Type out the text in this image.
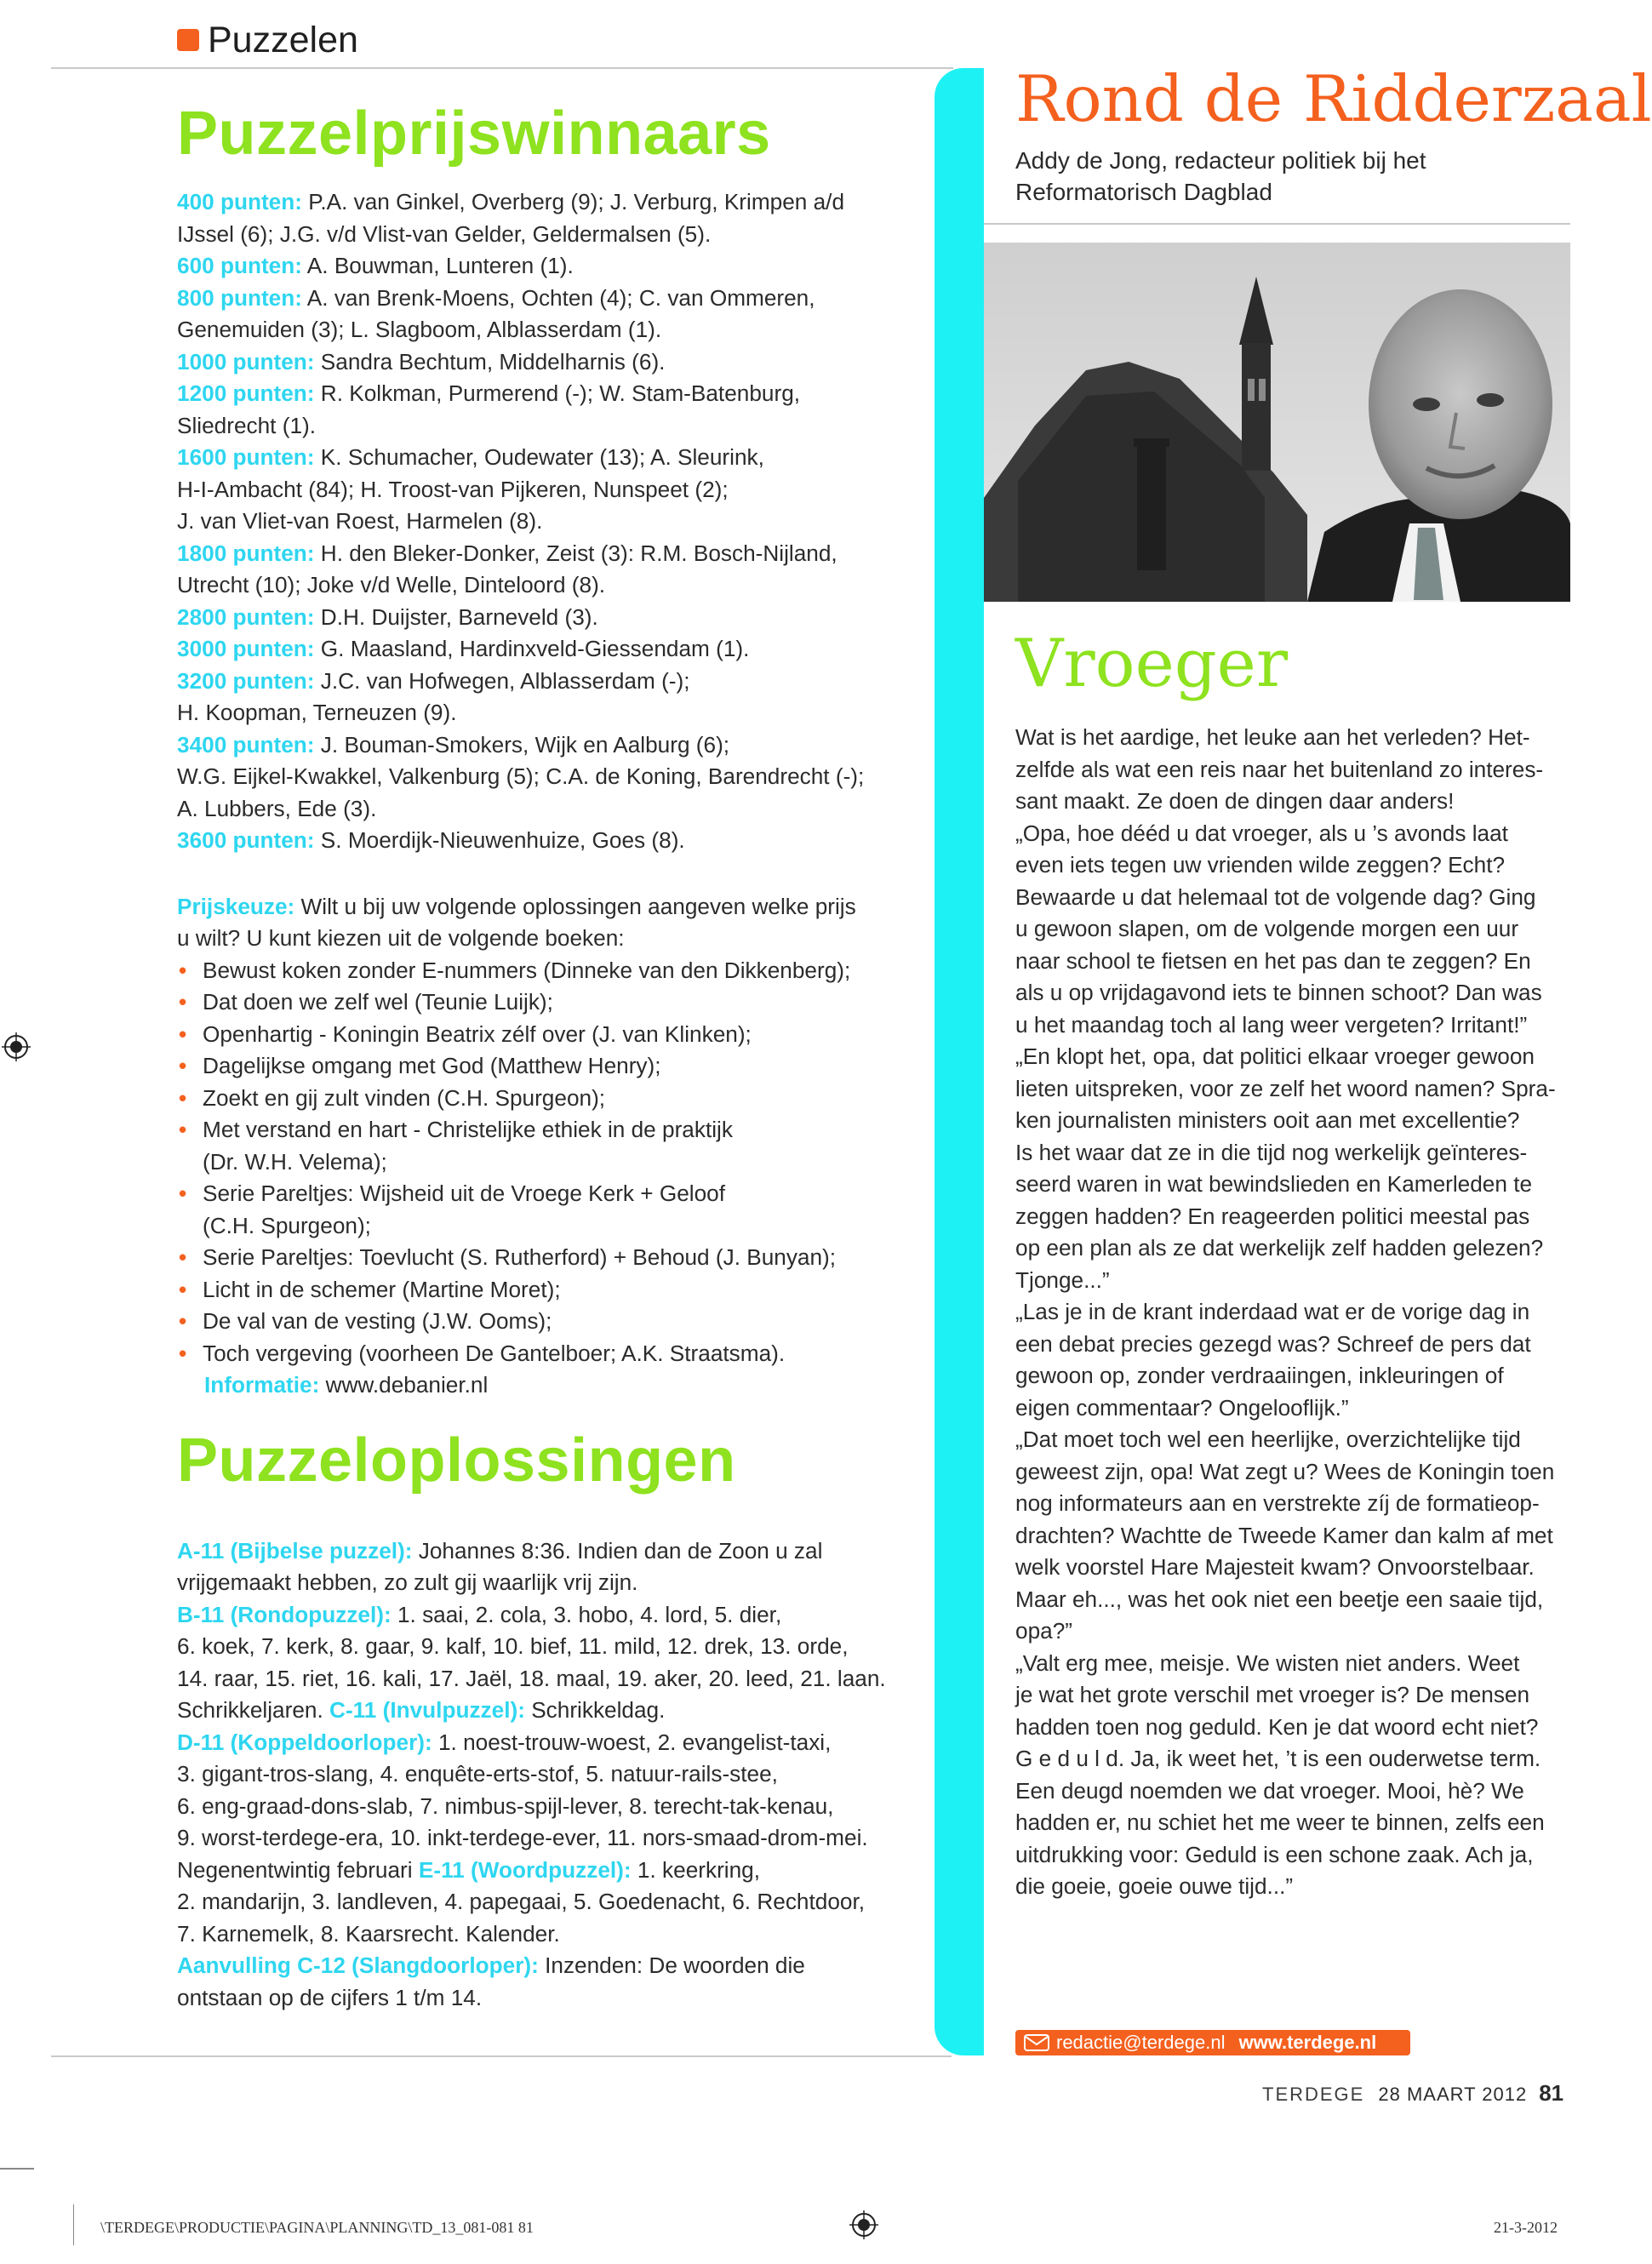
Puzzelen
Puzzelprijswinnaars

400 punten: P.A. van Ginkel, Overberg (9); J. Verburg, Krimpen a/d

IJssel (6); J.G. v/d Vlist-van Gelder, Geldermalsen (5).

600 punten: A. Bouwman, Lunteren (1).

800 punten: A. van Brenk-Moens, Ochten (4); C. van Ommeren,

Genemuiden (3); L. Slagboom, Alblasserdam (1).

1000 punten: Sandra Bechtum, Middelharnis (6).

1200 punten: R. Kolkman, Purmerend (-); W. Stam-Batenburg,

Sliedrecht (1).

1600 punten: K. Schumacher, Oudewater (13); A. Sleurink,

H-I-Ambacht (84); H. Troost-van Pijkeren, Nunspeet (2);

J. van Vliet-van Roest, Harmelen (8).

1800 punten: H. den Bleker-Donker, Zeist (3): R.M. Bosch-Nijland,

Utrecht (10); Joke v/d Welle, Dinteloord (8).

2800 punten: D.H. Duijster, Barneveld (3).

3000 punten: G. Maasland, Hardinxveld-Giessendam (1).

3200 punten: J.C. van Hofwegen, Alblasserdam (-);

H. Koopman, Terneuzen (9).

3400 punten: J. Bouman-Smokers, Wijk en Aalburg (6);

W.G. Eijkel-Kwakkel, Valkenburg (5); C.A. de Koning, Barendrecht (-);

A. Lubbers, Ede (3).

3600 punten: S. Moerdijk-Nieuwenhuize, Goes (8).

Prijskeuze: Wilt u bij uw volgende oplossingen aangeven welke prijs

u wilt? U kunt kiezen uit de volgende boeken:

• Bewust koken zonder E-nummers (Dinneke van den Dikkenberg);
• Dat doen we zelf wel (Teunie Luijk);
• Openhartig - Koningin Beatrix zélf over (J. van Klinken);
• Dagelijkse omgang met God (Matthew Henry);
• Zoekt en gij zult vinden (C.H. Spurgeon);
• Met verstand en hart - Christelijke ethiek in de praktijk
(Dr. W.H. Velema);
• Serie Pareltjes: Wijsheid uit de Vroege Kerk + Geloof
(C.H. Spurgeon);
• Serie Pareltjes: Toevlucht (S. Rutherford) + Behoud (J. Bunyan);
• Licht in de schemer (Martine Moret);
• De val van de vesting (J.W. Ooms);
• Toch vergeving (voorheen De Gantelboer; A.K. Straatsma).
Informatie: www.debanier.nl
Puzzeloplossingen

A-11 (Bijbelse puzzel): Johannes 8:36. Indien dan de Zoon u zal

vrijgemaakt hebben, zo zult gij waarlijk vrij zijn.

B-11 (Rondopuzzel): 1. saai, 2. cola, 3. hobo, 4. lord, 5. dier,

6. koek, 7. kerk, 8. gaar, 9. kalf, 10. bief, 11. mild, 12. drek, 13. orde,

14. raar, 15. riet, 16. kali, 17. Jaël, 18. maal, 19. aker, 20. leed, 21. laan.

Schrikkeljaren. C-11 (Invulpuzzel): Schrikkeldag.

D-11 (Koppeldoorloper): 1. noest-trouw-woest, 2. evangelist-taxi,

3. gigant-tros-slang, 4. enquête-erts-stof, 5. natuur-rails-stee,

6. eng-graad-dons-slab, 7. nimbus-spijl-lever, 8. terecht-tak-kenau,

9. worst-terdege-era, 10. inkt-terdege-ever, 11. nors-smaad-drom-mei.

Negenentwintig februari E-11 (Woordpuzzel): 1. keerkring,

2. mandarijn, 3. landleven, 4. papegaai, 5. Goedenacht, 6. Rechtdoor,

7. Karnemelk, 8. Kaarsrecht. Kalender.

Aanvulling C-12 (Slangdoorloper): Inzenden: De woorden die

ontstaan op de cijfers 1 t/m 14.

Rond de Ridderzaal
Addy de Jong, redacteur politiek bij het
Reformatorisch Dagblad
Vroeger

Wat is het aardige, het leuke aan het verleden? Het-

zelfde als wat een reis naar het buitenland zo interes-

sant maakt. Ze doen de dingen daar anders!

„Opa, hoe dééd u dat vroeger, als u ’s avonds laat

even iets tegen uw vrienden wilde zeggen? Echt?

Bewaarde u dat helemaal tot de volgende dag? Ging

u gewoon slapen, om de volgende morgen een uur

naar school te fietsen en het pas dan te zeggen? En

als u op vrijdagavond iets te binnen schoot? Dan was

u het maandag toch al lang weer vergeten? Irritant!”

„En klopt het, opa, dat politici elkaar vroeger gewoon

lieten uitspreken, voor ze zelf het woord namen? Spra-

ken journalisten ministers ooit aan met excellentie?

Is het waar dat ze in die tijd nog werkelijk geïnteres-

seerd waren in wat bewindslieden en Kamerleden te

zeggen hadden? En reageerden politici meestal pas

op een plan als ze dat werkelijk zelf hadden gelezen?

Tjonge...”

„Las je in de krant inderdaad wat er de vorige dag in

een debat precies gezegd was? Schreef de pers dat

gewoon op, zonder verdraaiingen, inkleuringen of

eigen commentaar? Ongelooflijk.”

„Dat moet toch wel een heerlijke, overzichtelijke tijd

geweest zijn, opa! Wat zegt u? Wees de Koningin toen

nog informateurs aan en verstrekte zíj de formatieop-

drachten? Wachtte de Tweede Kamer dan kalm af met

welk voorstel Hare Majesteit kwam? Onvoorstelbaar.

Maar eh..., was het ook niet een beetje een saaie tijd,

opa?”

„Valt erg mee, meisje. We wisten niet anders. Weet

je wat het grote verschil met vroeger is? De mensen

hadden toen nog geduld. Ken je dat woord echt niet?

G e d u l d. Ja, ik weet het, ’t is een ouderwetse term.

Een deugd noemden we dat vroeger. Mooi, hè? We

hadden er, nu schiet het me weer te binnen, zelfs een

uitdrukking voor: Geduld is een schone zaak. Ach ja,

die goeie, goeie ouwe tijd...”

redactie@terdege.nl www.terdege.nl
TERDEGE 28 MAART 2012 81
\TERDEGE\PRODUCTIE\PAGINA\PLANNING\TD_13_081-081 81	21-3-2012
